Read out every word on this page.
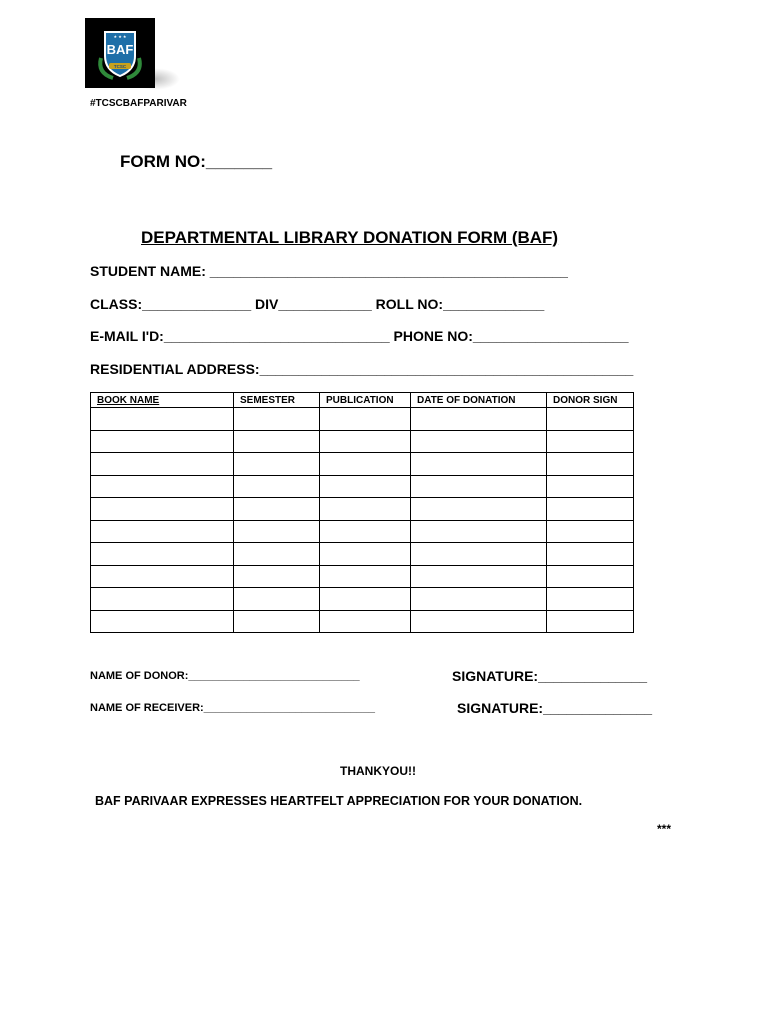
★ ★ ★
BAF
TCSC
#TCSCBAFPARIVAR
FORM NO:_______
DEPARTMENTAL LIBRARY DONATION FORM (BAF)
STUDENT NAME: ______________________________________________
CLASS:______________ DIV____________ ROLL NO:_____________
E-MAIL I'D:_____________________________ PHONE NO:____________________
RESIDENTIAL ADDRESS:________________________________________________
BOOK NAME	SEMESTER	PUBLICATION	DATE OF DONATION	DONOR SIGN

NAME OF DONOR:____________________________	SIGNATURE:______________
NAME OF RECEIVER:____________________________	SIGNATURE:______________
THANKYOU!!
BAF PARIVAAR EXPRESSES HEARTFELT APPRECIATION FOR YOUR DONATION.
***
